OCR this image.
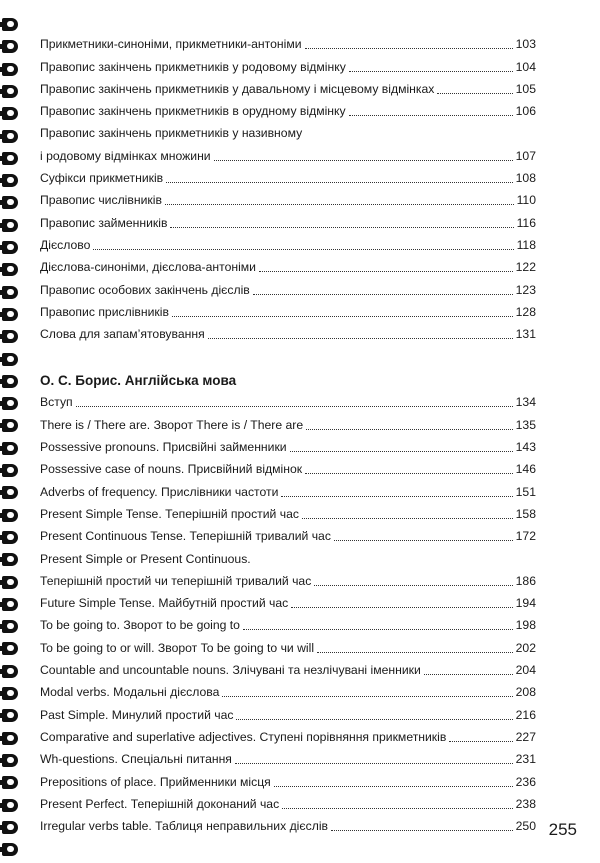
Прикметники-синоніми, прикметники-антоніми	103
Правопис закінчень прикметників у родовому відмінку	104
Правопис закінчень прикметників у давальному і місцевому відмінках	105
Правопис закінчень прикметників в орудному відмінку	106
Правопис закінчень прикметників у називному
і родовому відмінках множини	107
Суфікси прикметників	108
Правопис числівників	110
Правопис займенників	116
Дієслово	118
Дієслова-синоніми, дієслова-антоніми	122
Правопис особових закінчень дієслів	123
Правопис прислівників	128
Слова для запам’ятовування	131
О. С. Борис. Англійська мова
Вступ	134
There is / There are. Зворот There is / There are	135
Possessive pronouns. Присвійні займенники	143
Possessive case of nouns. Присвійний відмінок	146
Adverbs of frequency. Прислівники частоти	151
Present Simple Tense. Теперішній простий час	158
Present Continuous Tense. Теперішній тривалий час	172
Present Simple or Present Continuous.
Теперішній простий чи теперішній тривалий час	186
Future Simple Tense. Майбутній простий час	194
To be going to. Зворот to be going to	198
To be going to or will. Зворот To be going to чи will	202
Countable and uncountable nouns. Злічувані та незлічувані іменники	204
Modal verbs. Модальні дієслова	208
Past Simple. Минулий простий час	216
Comparative and superlative adjectives. Ступені порівняння прикметників	227
Wh-questions. Спеціальні питання	231
Prepositions of place. Прийменники місця	236
Present Perfect. Теперішній доконаний час	238
Irregular verbs table. Таблиця неправильних дієслів	250 255
